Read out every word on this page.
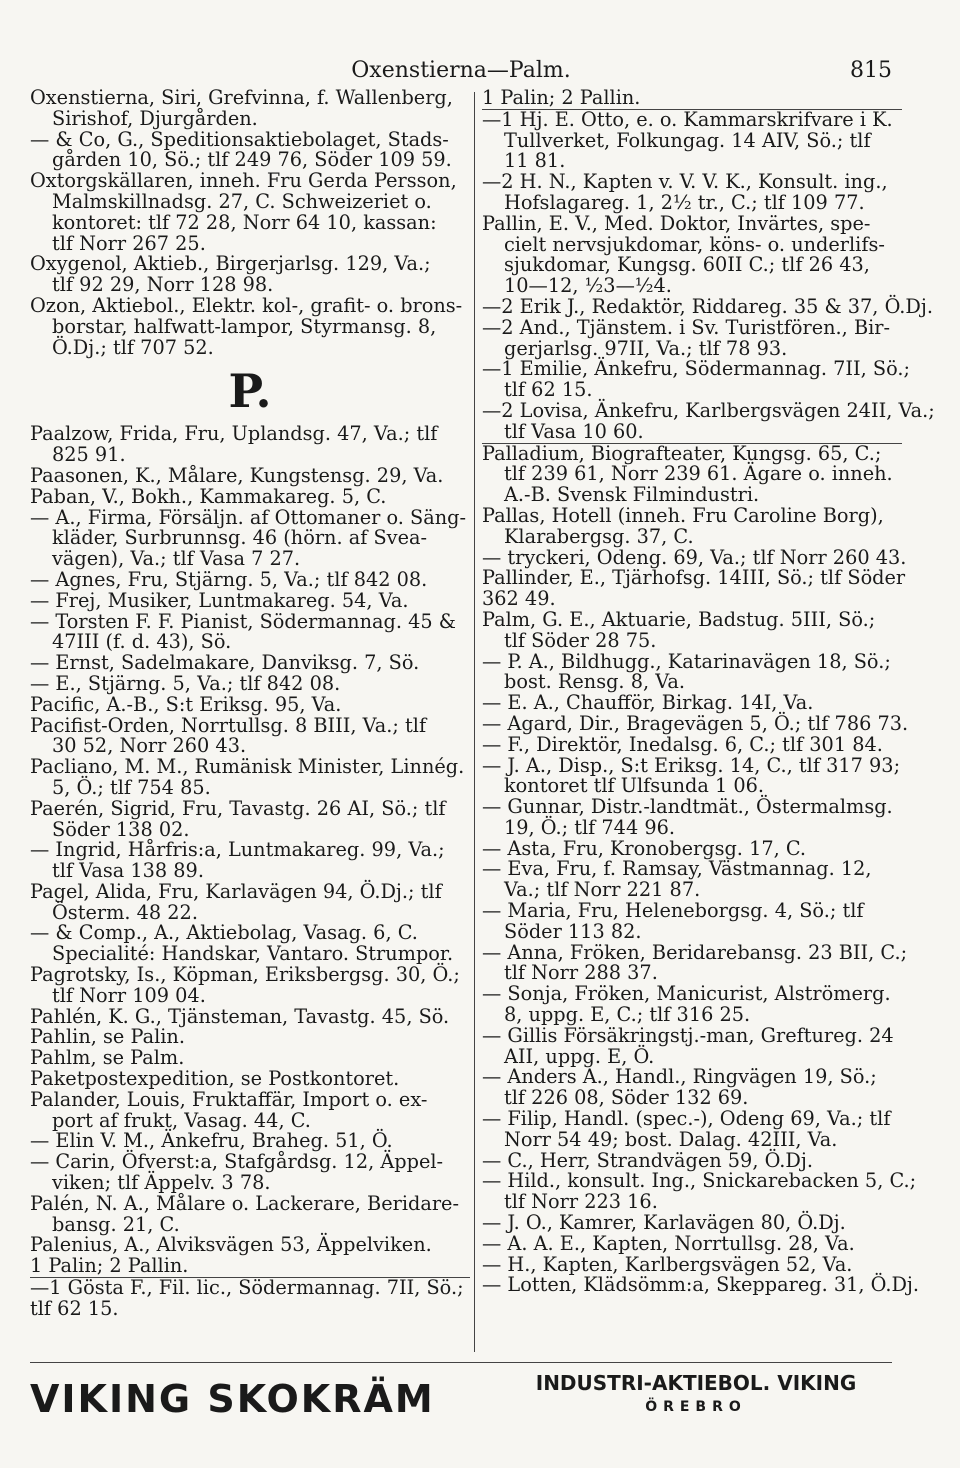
Oxenstierna—Palm.	815
Oxenstierna, Siri, Grefvinna, f. Wallenberg,
Sirishof, Djurgården.
— & Co, G., Speditionsaktiebolaget, Stads-
gården 10, Sö.; tlf 249 76, Söder 109 59.
Oxtorgskällaren, inneh. Fru Gerda Persson,
Malmskillnadsg. 27, C. Schweizeriet o.
kontoret: tlf 72 28, Norr 64 10, kassan:
tlf Norr 267 25.
Oxygenol, Aktieb., Birgerjarlsg. 129, Va.;
tlf 92 29, Norr 128 98.
Ozon, Aktiebol., Elektr. kol-, grafit- o. brons-
borstar, halfwatt-lampor, Styrmansg. 8,
Ö.Dj.; tlf 707 52.
P.
Paalzow, Frida, Fru, Uplandsg. 47, Va.; tlf
825 91.
Paasonen, K., Målare, Kungstensg. 29, Va.
Paban, V., Bokh., Kammakareg. 5, C.
— A., Firma, Försäljn. af Ottomaner o. Säng-
kläder, Surbrunnsg. 46 (hörn. af Svea-
vägen), Va.; tlf Vasa 7 27.
— Agnes, Fru, Stjärng. 5, Va.; tlf 842 08.
— Frej, Musiker, Luntmakareg. 54, Va.
— Torsten F. F. Pianist, Södermannag. 45 &
47III (f. d. 43), Sö.
— Ernst, Sadelmakare, Danviksg. 7, Sö.
— E., Stjärng. 5, Va.; tlf 842 08.
Pacific, A.-B., S:t Eriksg. 95, Va.
Pacifist-Orden, Norrtullsg. 8 BIII, Va.; tlf
30 52, Norr 260 43.
Pacliano, M. M., Rumänisk Minister, Linnég.
5, Ö.; tlf 754 85.
Paerén, Sigrid, Fru, Tavastg. 26 AI, Sö.; tlf
Söder 138 02.
— Ingrid, Hårfris:a, Luntmakareg. 99, Va.;
tlf Vasa 138 89.
Pagel, Alida, Fru, Karlavägen 94, Ö.Dj.; tlf
Österm. 48 22.
— & Comp., A., Aktiebolag, Vasag. 6, C.
Specialité: Handskar, Vantaro. Strumpor.
Pagrotsky, Is., Köpman, Eriksbergsg. 30, Ö.;
tlf Norr 109 04.
Pahlén, K. G., Tjänsteman, Tavastg. 45, Sö.
Pahlin, se Palin.
Pahlm, se Palm.
Paketpostexpedition, se Postkontoret.
Palander, Louis, Fruktaffär, Import o. ex-
port af frukt, Vasag. 44, C.
— Elin V. M., Änkefru, Braheg. 51, Ö.
— Carin, Öfverst:a, Stafgårdsg. 12, Äppel-
viken; tlf Äppelv. 3 78.
Palén, N. A., Målare o. Lackerare, Beridare-
bansg. 21, C.
Palenius, A., Alviksvägen 53, Äppelviken.
1 Palin; 2 Pallin.
—1 Gösta F., Fil. lic., Södermannag. 7II, Sö.;
tlf 62 15.
1 Palin; 2 Pallin.
—1 Hj. E. Otto, e. o. Kammarskrifvare i K.
Tullverket, Folkungag. 14 AIV, Sö.; tlf
11 81.
—2 H. N., Kapten v. V. V. K., Konsult. ing.,
Hofslagareg. 1, 2½ tr., C.; tlf 109 77.
Pallin, E. V., Med. Doktor, Invärtes, spe-
cielt nervsjukdomar, köns- o. underlifs-
sjukdomar, Kungsg. 60II C.; tlf 26 43,
10—12, ½3—½4.
—2 Erik J., Redaktör, Riddareg. 35 & 37, Ö.Dj.
—2 And., Tjänstem. i Sv. Turistfören., Bir-
gerjarlsg. 97II, Va.; tlf 78 93.
—1 Emilie, Änkefru, Södermannag. 7II, Sö.;
tlf 62 15.
—2 Lovisa, Änkefru, Karlbergsvägen 24II, Va.;
tlf Vasa 10 60.
Palladium, Biografteater, Kungsg. 65, C.;
tlf 239 61, Norr 239 61. Ägare o. inneh.
A.-B. Svensk Filmindustri.
Pallas, Hotell (inneh. Fru Caroline Borg),
Klarabergsg. 37, C.
— tryckeri, Odeng. 69, Va.; tlf Norr 260 43.
Pallinder, E., Tjärhofsg. 14III, Sö.; tlf Söder
362 49.
Palm, G. E., Aktuarie, Badstug. 5III, Sö.;
tlf Söder 28 75.
— P. A., Bildhugg., Katarinavägen 18, Sö.;
bost. Rensg. 8, Va.
— E. A., Chaufför, Birkag. 14I, Va.
— Agard, Dir., Bragevägen 5, Ö.; tlf 786 73.
— F., Direktör, Inedalsg. 6, C.; tlf 301 84.
— J. A., Disp., S:t Eriksg. 14, C., tlf 317 93;
kontoret tlf Ulfsunda 1 06.
— Gunnar, Distr.-landtmät., Östermalmsg.
19, Ö.; tlf 744 96.
— Asta, Fru, Kronobergsg. 17, C.
— Eva, Fru, f. Ramsay, Västmannag. 12,
Va.; tlf Norr 221 87.
— Maria, Fru, Heleneborgsg. 4, Sö.; tlf
Söder 113 82.
— Anna, Fröken, Beridarebansg. 23 BII, C.;
tlf Norr 288 37.
— Sonja, Fröken, Manicurist, Alströmerg.
8, uppg. E, C.; tlf 316 25.
— Gillis Försäkringstj.-man, Greftureg. 24
AII, uppg. E, Ö.
— Anders A., Handl., Ringvägen 19, Sö.;
tlf 226 08, Söder 132 69.
— Filip, Handl. (spec.-), Odeng 69, Va.; tlf
Norr 54 49; bost. Dalag. 42III, Va.
— C., Herr, Strandvägen 59, Ö.Dj.
— Hild., konsult. Ing., Snickarebacken 5, C.;
tlf Norr 223 16.
— J. O., Kamrer, Karlavägen 80, Ö.Dj.
— A. A. E., Kapten, Norrtullsg. 28, Va.
— H., Kapten, Karlbergsvägen 52, Va.
— Lotten, Klädsömm:a, Skeppareg. 31, Ö.Dj.
VIKING SKOKRÄM	INDUSTRI-AKTIEBOL. VIKING
ÖREBRO
